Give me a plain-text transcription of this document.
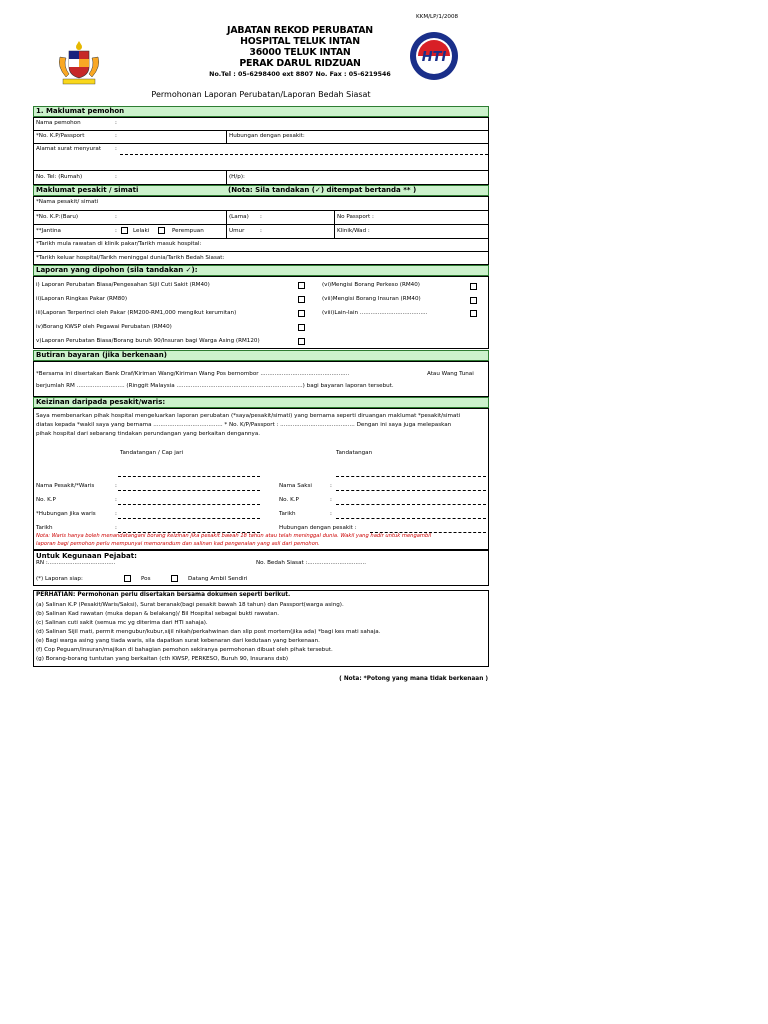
KKM/LP/1/2008
JABATAN REKOD PERUBATAN
HOSPITAL TELUK INTAN
36000 TELUK INTAN
PERAK DARUL RIDZUAN
No.Tel : 05-6298400 ext 8807 No. Fax : 05-6219546
HTI
Permohonan Laporan Perubatan/Laporan Bedah Siasat
1. Maklumat pemohon
Nama pemohon	:
*No. K.P/Passport	:	Hubungan dengan pesakit:
Alamat surat menyurat :
No. Tel: (Rumah)	:	(H/p):
Maklumat pesakit / simati	(Nota: Sila tandakan (✓) ditempat bertanda ** )
*Nama pesakit/ simati
*No. K.P:(Baru)	:	(Lama) :	No Passport :
**Jantina	:	Lelaki	Perempuan	Umur	:	Klinik/Wad :
*Tarikh mula rawatan di klinik pakar/Tarikh masuk hospital:
*Tarikh keluar hospital/Tarikh meninggal dunia/Tarikh Bedah Siasat:
Laporan yang dipohon (sila tandakan ✓):
i) Laporan Perubatan Biasa/Pengesahan Sijil Cuti Sakit (RM40)
ii)Laporan Ringkas Pakar (RM80)
iii)Laporan Terperinci oleh Pakar (RM200-RM1,000 mengikut kerumitan)
iv)Borang KWSP oleh Pegawai Perubatan (RM40)
v)Laporan Perubatan Biasa/Borang buruh 90/Insuran bagi Warga Asing (RM120)
(vi)Mengisi Borang Perkeso (RM40)
(vii)Mengisi Borang Insuran (RM40)
(viii)Lain-lain ......................................
Butiran bayaran (jika berkenaan)
*Bersama ini disertakan Bank Draf/Kiriman Wang/Kiriman Wang Pos bernombor ..................................................	Atau Wang Tunai
berjumlah RM ........................... (Ringgit Malaysia .......................................................................) bagi bayaran laporan tersebut.
Keizinan daripada pesakit/waris:
Saya membenarkan pihak hospital mengeluarkan laporan perubatan (*saya/pesakit/simati) yang bernama seperti diruangan maklumat *pesakit/simati
diatas kepada *wakil saya yang bernama ....................................... * No. K/P/Passport : .......................................... Dengan ini saya juga melepaskan
pihak hospital dari sebarang tindakan perundangan yang berkaitan dengannya.
Tandatangan / Cap jari	Tandatangan
Nama Pesakit/*Waris	:	Nama Saksi	:
No. K.P	:	No. K.P	:
*Hubungan jika waris	:	Tarikh	:
Tarikh	:	Hubungan dengan pesakit :
Nota: Waris hanya boleh menandatangani borang keizinan jika pesakit bawah 18 tahun atau telah meninggal dunia. Wakil yang hadir untuk mengambil
laporan bagi pemohon perlu mempunyai memorandum dan salinan kad pengenalan yang asli dari pemohon.
Untuk Kegunaan Pejabat:
RN :......................................	No. Bedah Siasat :.................................
(*) Laporan siap:	Pos	Datang Ambil Sendiri
PERHATIAN: Permohonan perlu disertakan bersama dokumen seperti berikut.
(a) Salinan K.P (Pesakit/Waris/Saksi), Surat beranak(bagi pesakit bawah 18 tahun) dan Passport(warga asing).
(b) Salinan Kad rawatan (muka depan & belakang)/ Bil Hospital sebagai bukti rawatan.
(c) Salinan cuti sakit (semua mc yg diterima dari HTI sahaja).
(d) Salinan Sijil mati, permit mengubur/kubur,sijil nikah/perkahwinan dan slip post mortem(jika ada) *bagi kes mati sahaja.
(e) Bagi warga asing yang tiada waris, sila dapatkan surat kebenaran dari kedutaan yang berkenaan.
(f) Cop Peguam/insuran/majikan di bahagian pemohon sekiranya permohonan dibuat oleh pihak tersebut.
(g) Borang-borang tuntutan yang berkaitan (cth KWSP, PERKESO, Buruh 90, Insurans dsb)
( Nota: *Potong yang mana tidak berkenaan )
